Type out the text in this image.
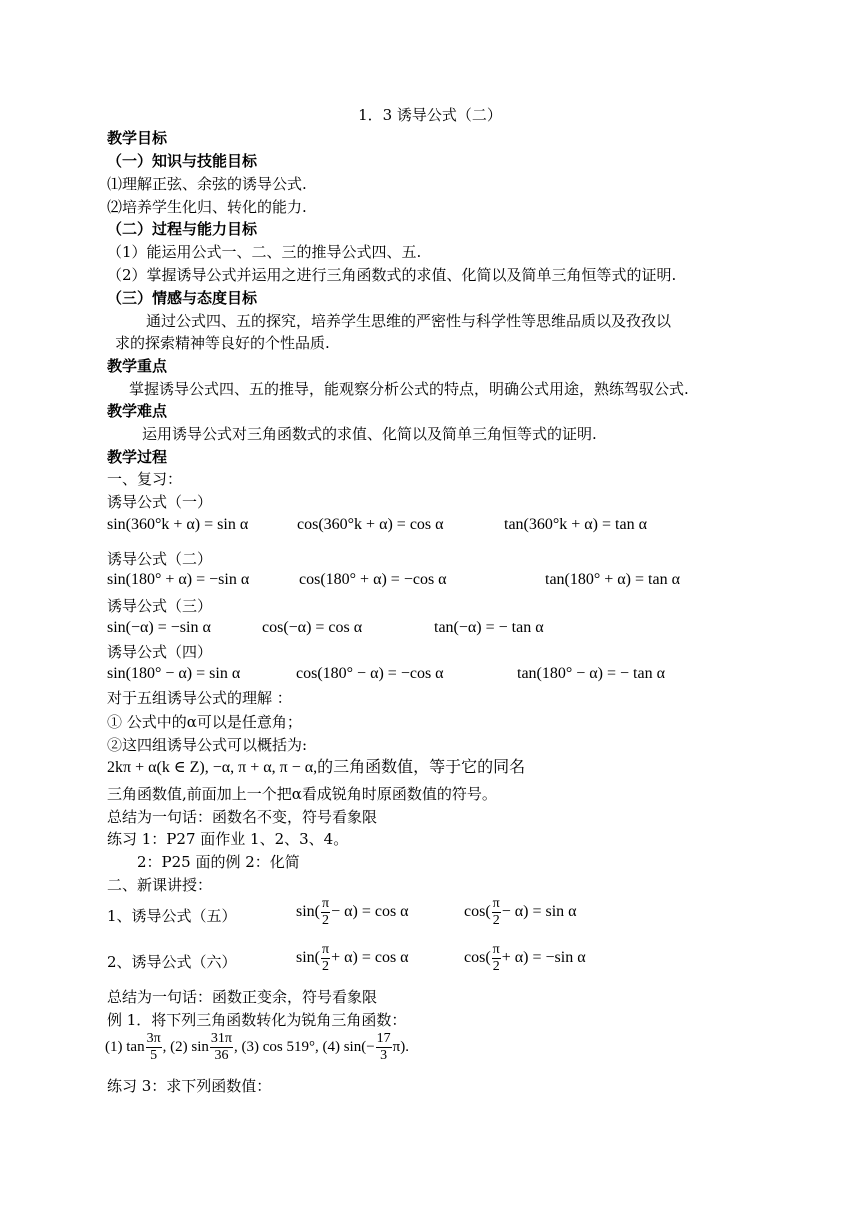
1．3 诱导公式（二）
教学目标
（一）知识与技能目标
⑴理解正弦、余弦的诱导公式.
⑵培养学生化归、转化的能力.
（二）过程与能力目标
（1）能运用公式一、二、三的推导公式四、五.
（2）掌握诱导公式并运用之进行三角函数式的求值、化简以及简单三角恒等式的证明.
（三）情感与态度目标
通过公式四、五的探究，培养学生思维的严密性与科学性等思维品质以及孜孜以
求的探索精神等良好的个性品质.
教学重点
掌握诱导公式四、五的推导，能观察分析公式的特点，明确公式用途，熟练驾驭公式.
教学难点
运用诱导公式对三角函数式的求值、化简以及简单三角恒等式的证明.
教学过程
一、复习：
诱导公式（一）
sin(360°k + α) = sin α	cos(360°k + α) = cos α	tan(360°k + α) = tan α
诱导公式（二）
sin(180° + α) = −sin α	cos(180° + α) = −cos α	tan(180° + α) = tan α
诱导公式（三）
sin(−α) = −sin α	cos(−α) = cos α	tan(−α) = − tan α
诱导公式（四）
sin(180° − α) = sin α	cos(180° − α) = −cos α	tan(180° − α) = − tan α
对于五组诱导公式的理解 ：
① 公式中的α可以是任意角；
②这四组诱导公式可以概括为:
2kπ + α(k ∈ Z), −α, π + α, π − α,的三角函数值，等于它的同名
三角函数值,前面加上一个把α看成锐角时原函数值的符号。
总结为一句话：函数名不变，符号看象限
练习 1：P27 面作业 1、2、3、4。
2：P25 面的例 2：化简
二、新课讲授：
1、诱导公式（五）	$\sin( \frac{\pi}{2} - \alpha) = \cos \alpha$	$\cos( \frac{\pi}{2} - \alpha) = \sin \alpha$
2、诱导公式（六）	$\sin( \frac{\pi}{2} + \alpha) = \cos \alpha$	$\cos( \frac{\pi}{2} + \alpha) = -\sin$ α
总结为一句话：函数正变余，符号看象限
例 1．将下列三角函数转化为锐角三角函数：
(1) $\tan \frac{3\pi}{5}$ , (2) $\sin \frac{31\pi}{36}$ , (3) cos 519°, (4) $\sin(- \frac{17}{3} \pi)$.
练习 3：求下列函数值：
